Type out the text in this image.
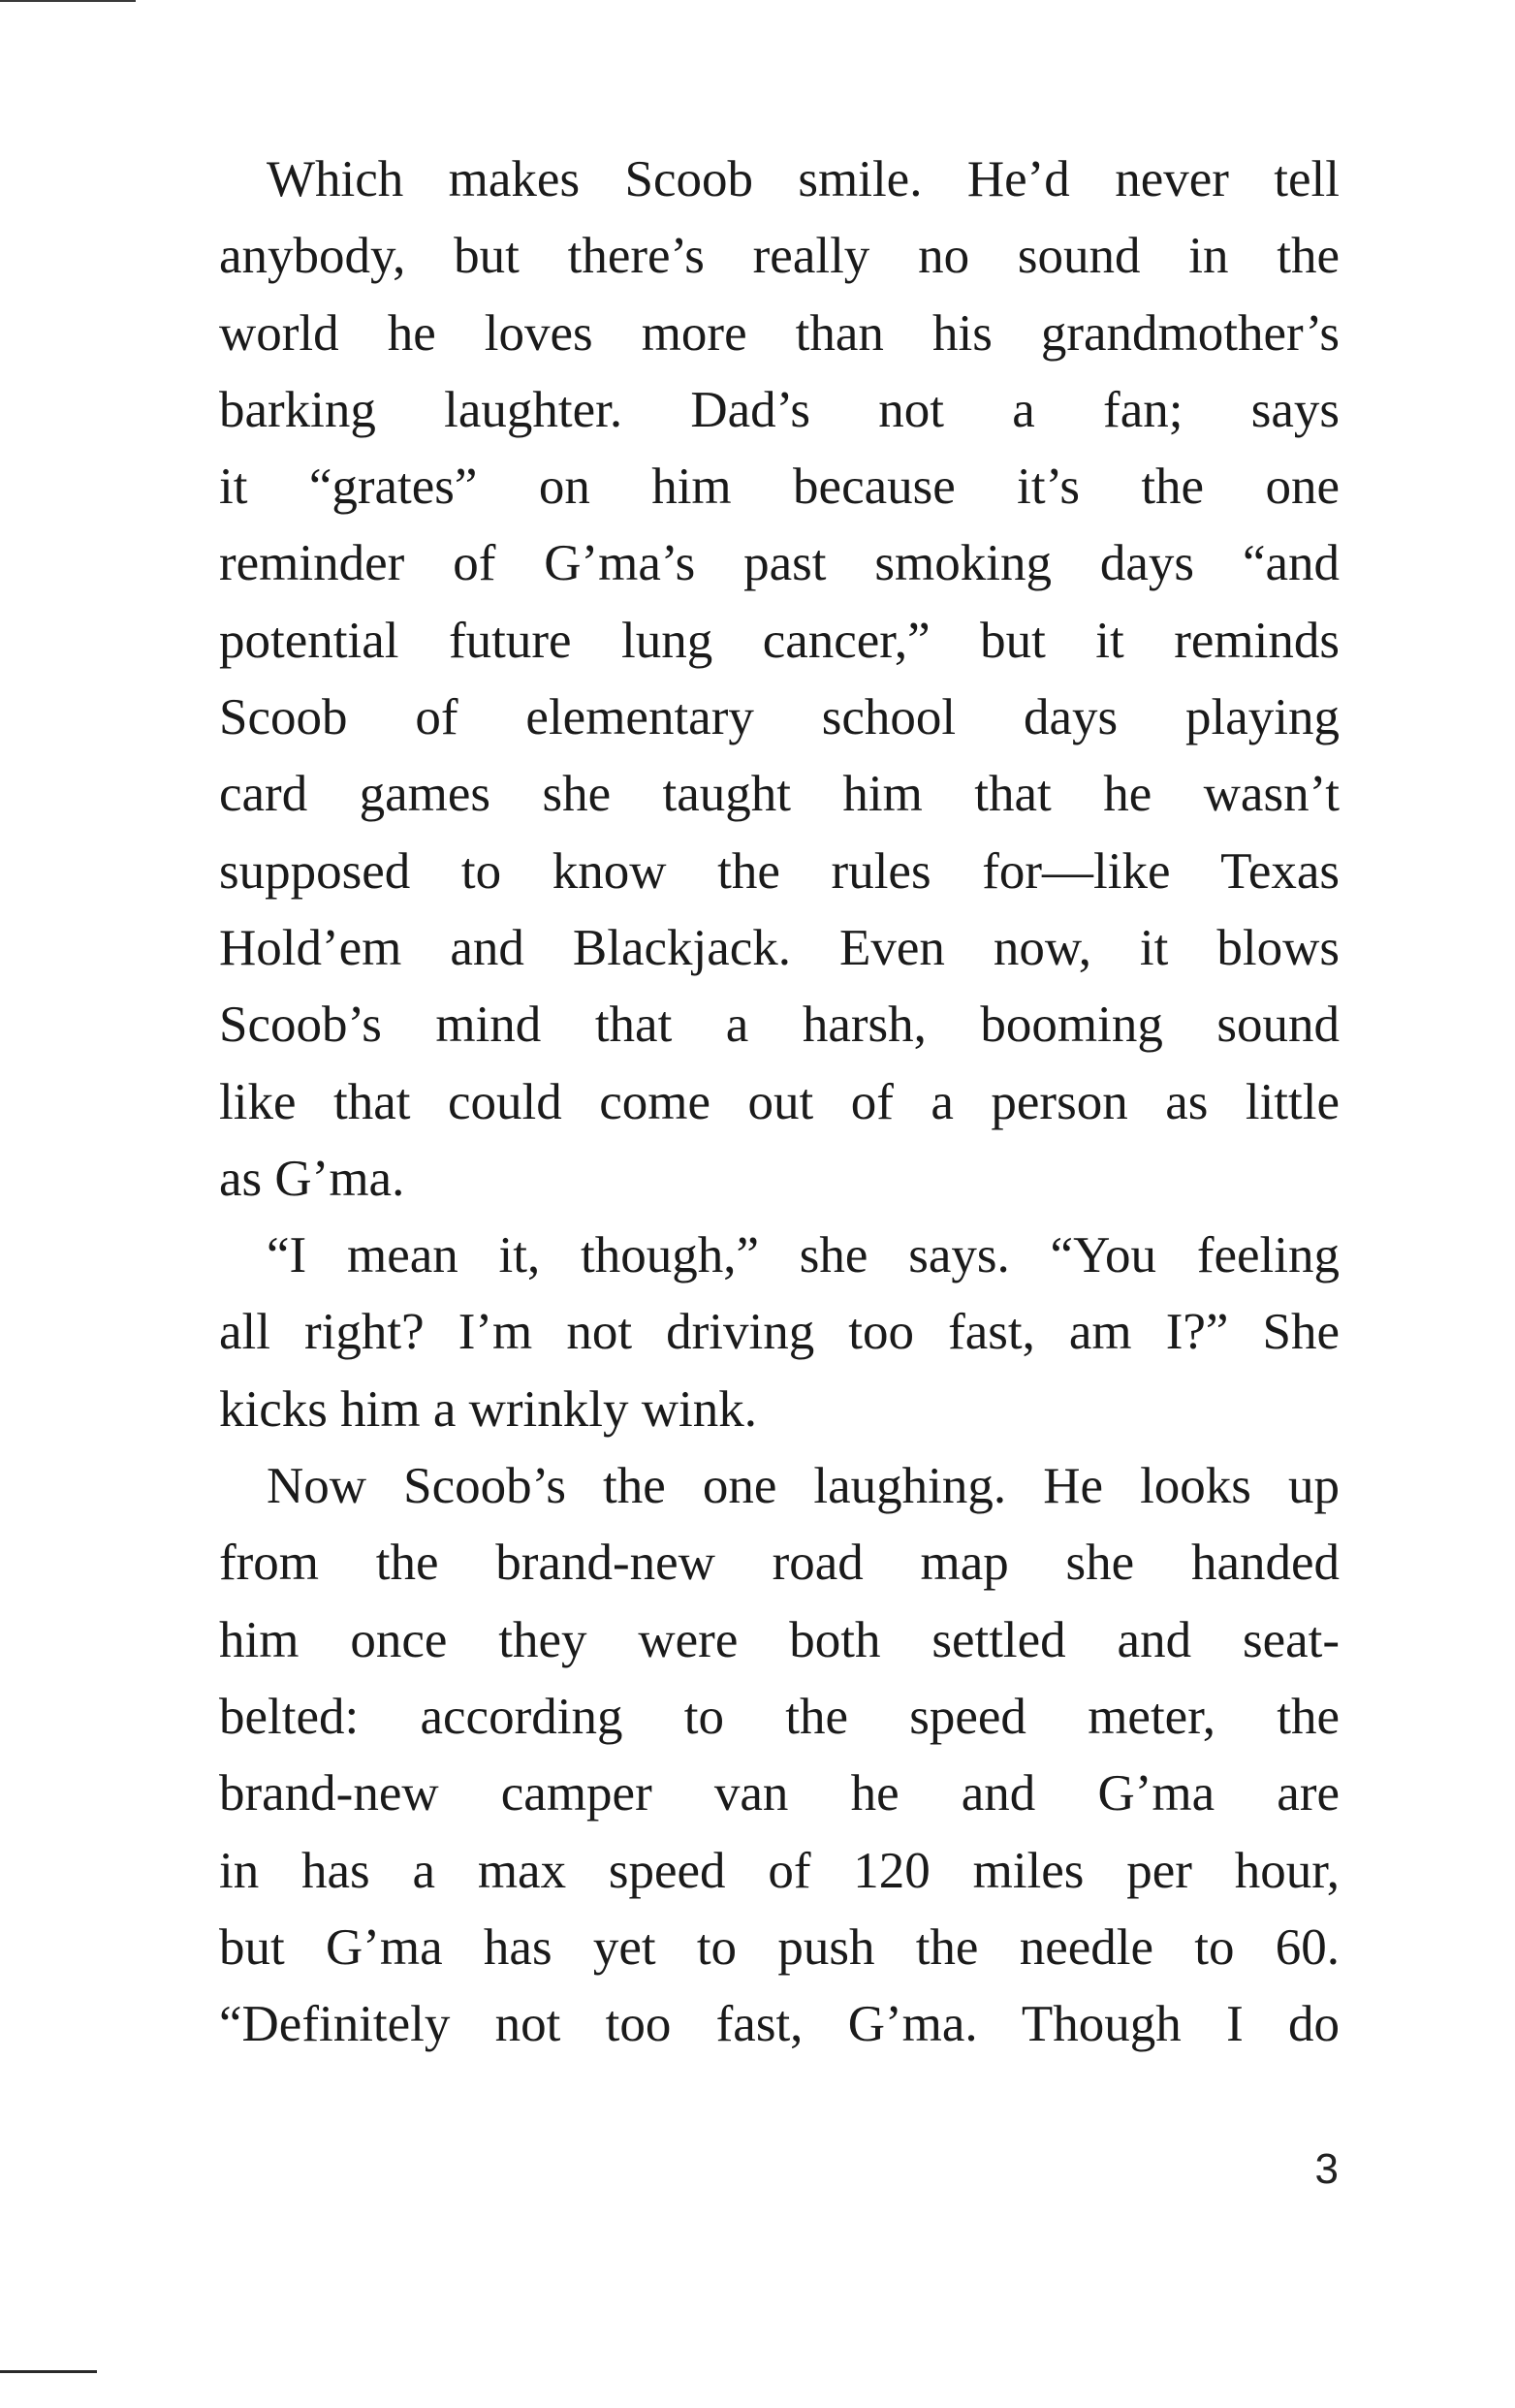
Which makes Scoob smile. He’d never tell
anybody, but there’s really no sound in the
world he loves more than his grandmother’s
barking laughter. Dad’s not a fan; says
it “grates” on him because it’s the one
reminder of G’ma’s past smoking days “and
potential future lung cancer,” but it reminds
Scoob of elementary school days playing
card games she taught him that he wasn’t
supposed to know the rules for—like Texas
Hold’em and Blackjack. Even now, it blows
Scoob’s mind that a harsh, booming sound
like that could come out of a person as little
as G’ma.
“I mean it, though,” she says. “You feeling
all right? I’m not driving too fast, am I?” She
kicks him a wrinkly wink.
Now Scoob’s the one laughing. He looks up
from the brand-new road map she handed
him once they were both settled and seat-
belted: according to the speed meter, the
brand-new camper van he and G’ma are
in has a max speed of 120 miles per hour,
but G’ma has yet to push the needle to 60.
“Definitely not too fast, G’ma. Though I do
3
